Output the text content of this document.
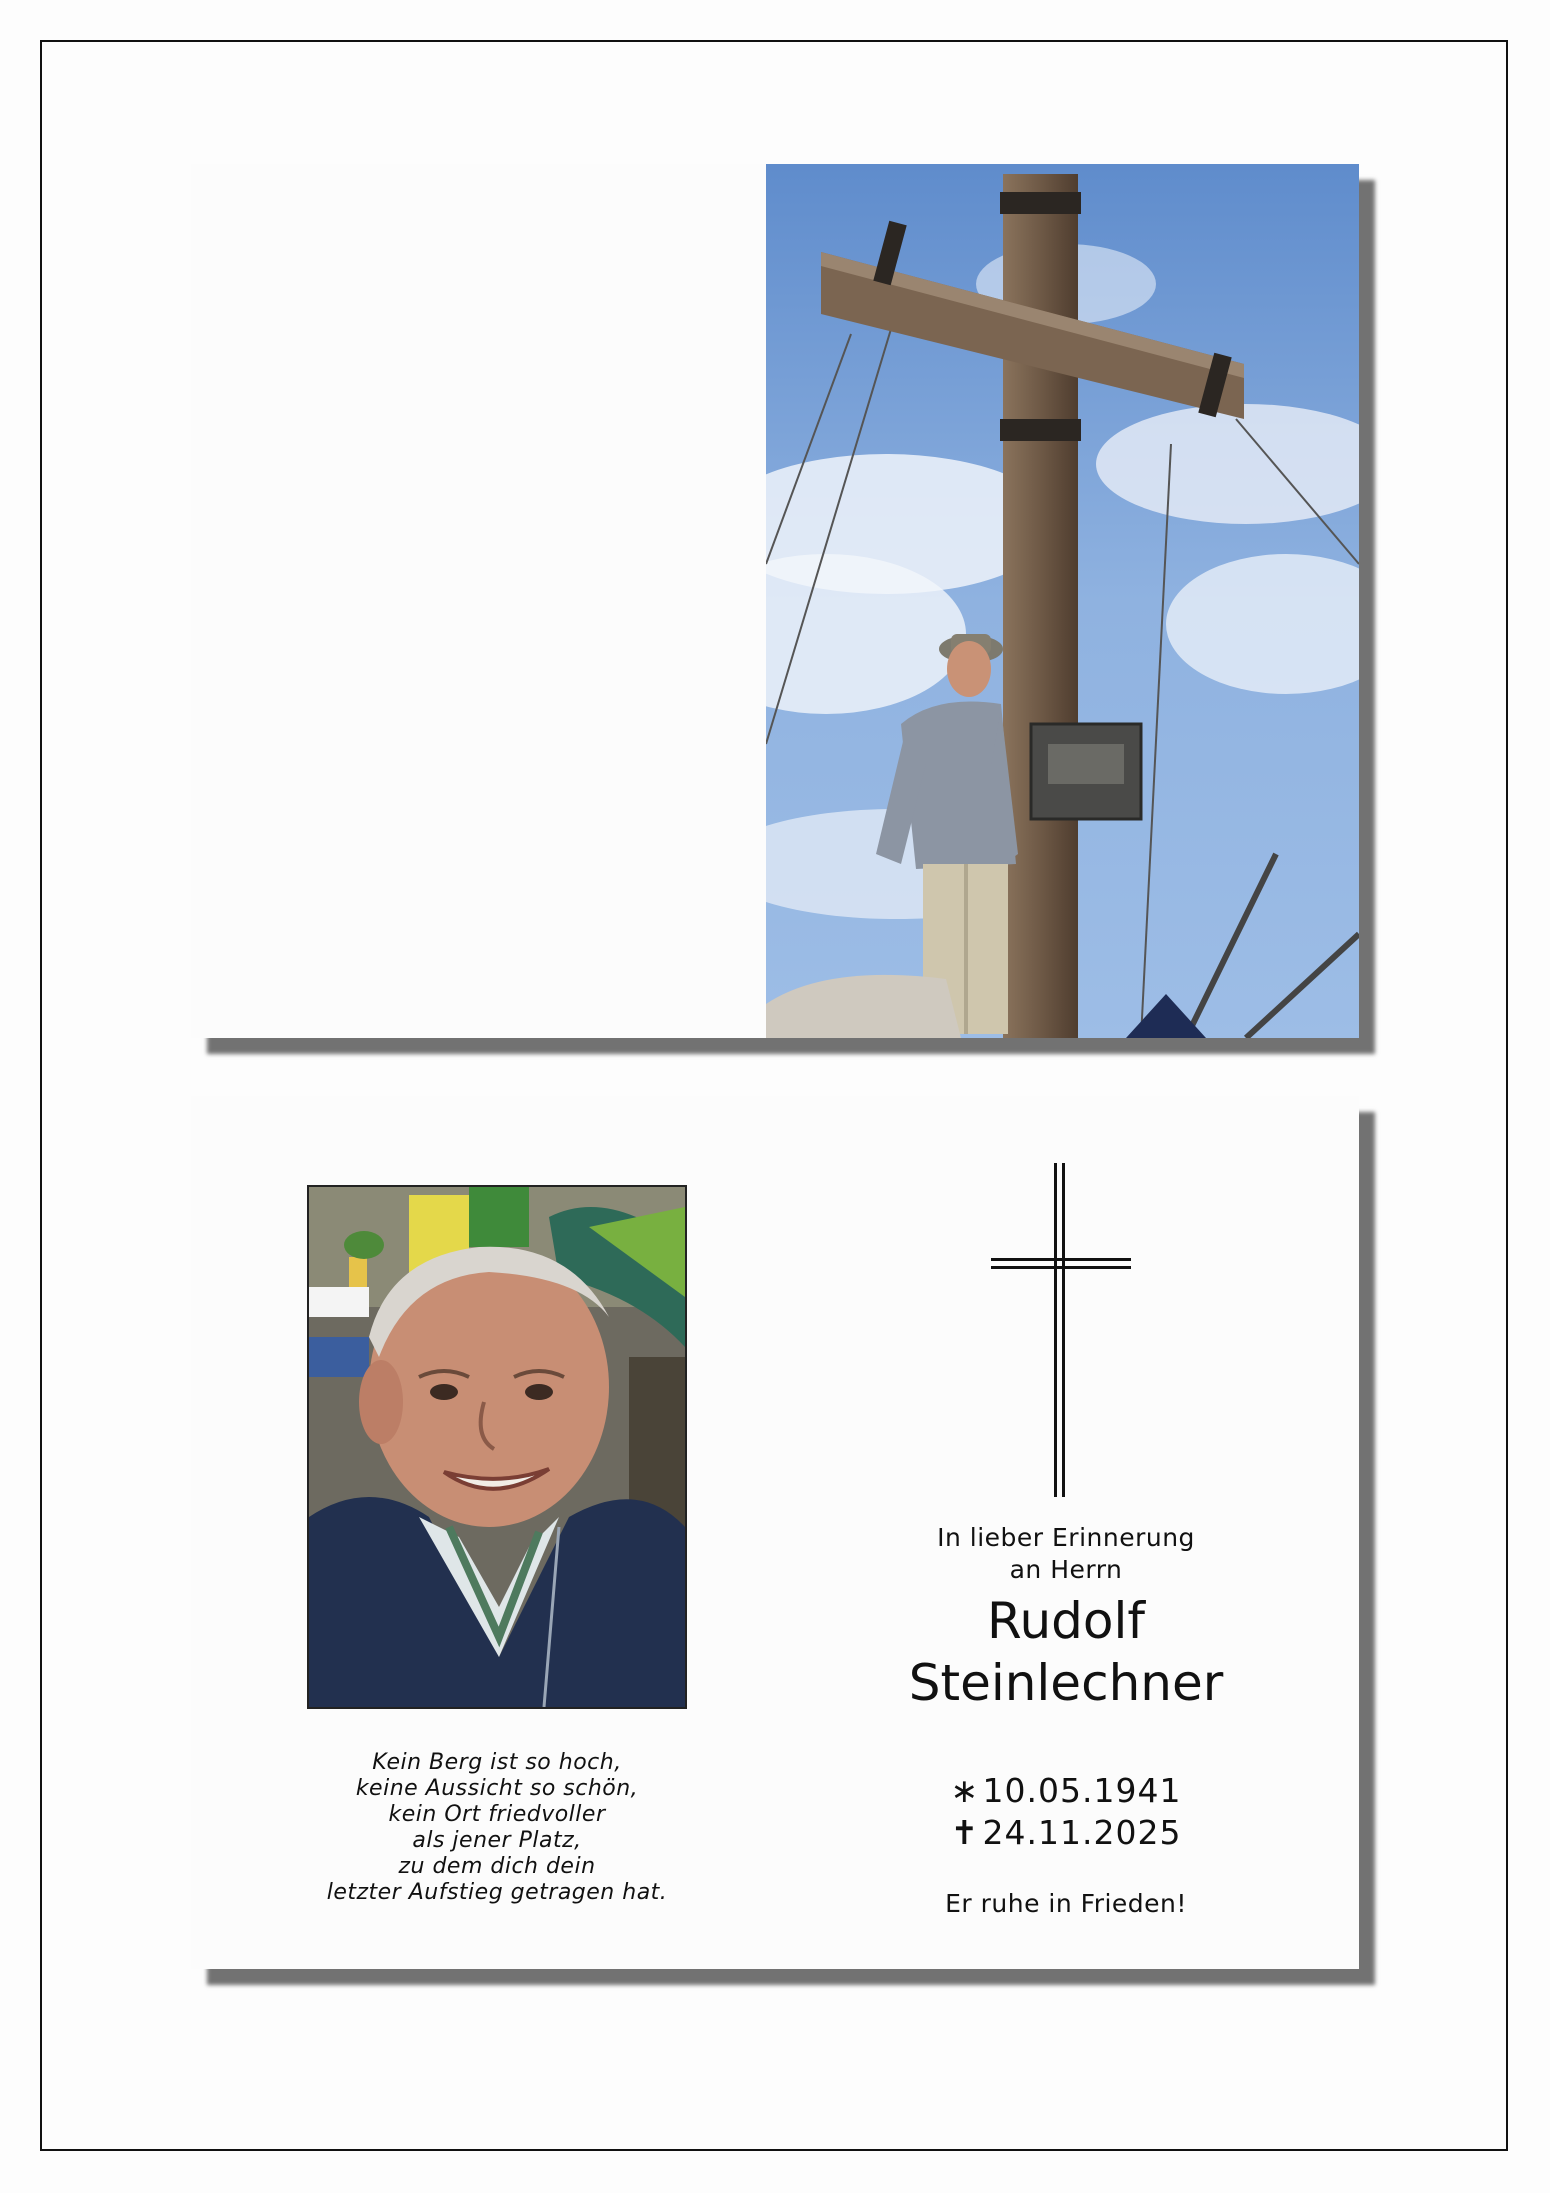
Kein Berg ist so hoch,
keine Aussicht so schön,
kein Ort friedvoller
als jener Platz,
zu dem dich dein
letzter Aufstieg getragen hat.
In lieber Erinnerung
an Herrn
Rudolf
Steinlechner
∗ 10.05.1941
✝ 24.11.2025
Er ruhe in Frieden!
